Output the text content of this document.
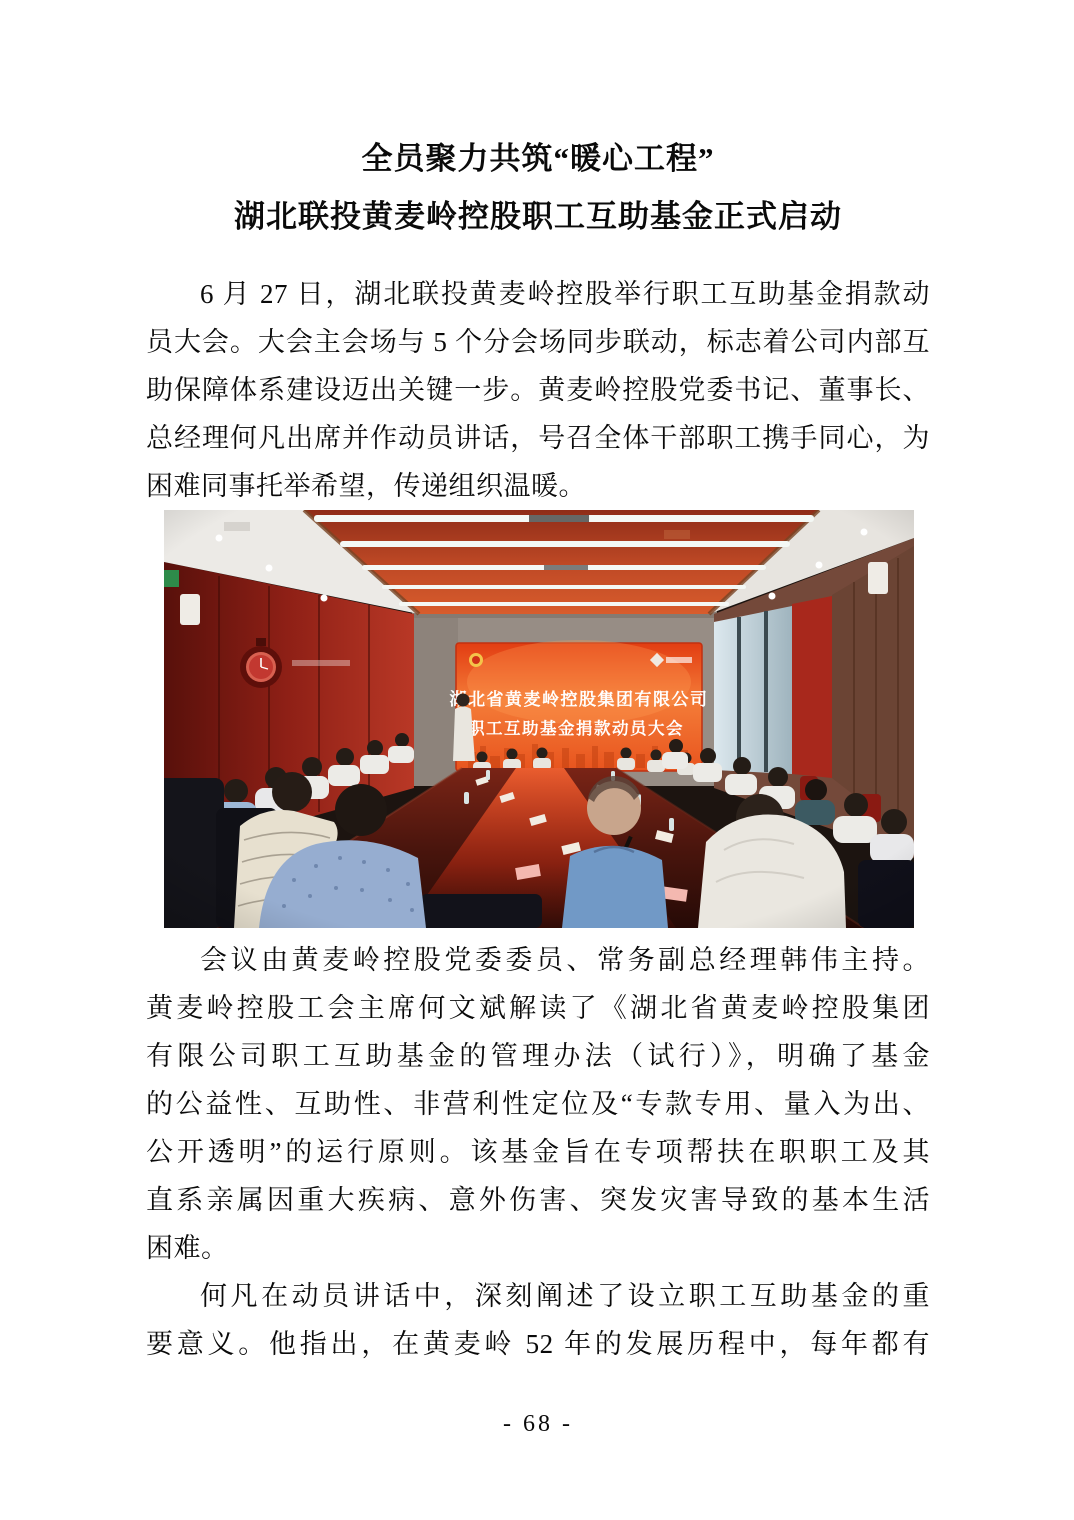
全员聚力共筑“暖心工程”
湖北联投黄麦岭控股职工互助基金正式启动
6 月 27 日，湖北联投黄麦岭控股举行职工互助基金捐款动
员大会。大会主会场与 5 个分会场同步联动，标志着公司内部互
助保障体系建设迈出关键一步。黄麦岭控股党委书记、董事长、
总经理何凡出席并作动员讲话，号召全体干部职工携手同心，为
困难同事托举希望，传递组织温暖。
会议由黄麦岭控股党委委员、常务副总经理韩伟主持。
黄麦岭控股工会主席何文斌解读了《湖北省黄麦岭控股集团
有限公司职工互助基金的管理办法（试行）》，明确了基金
的公益性、互助性、非营利性定位及“专款专用、量入为出、
公开透明”的运行原则。该基金旨在专项帮扶在职职工及其
直系亲属因重大疾病、意外伤害、突发灾害导致的基本生活
困难。
何凡在动员讲话中，深刻阐述了设立职工互助基金的重
要意义。他指出，在黄麦岭 52 年的发展历程中，每年都有
- 68 -
